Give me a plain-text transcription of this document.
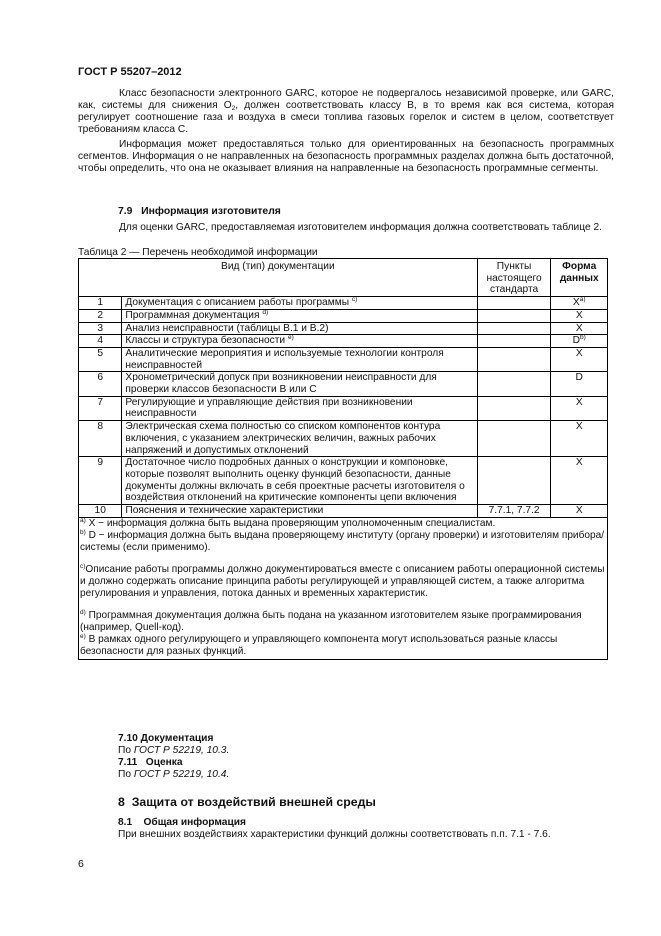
ГОСТ Р 55207–2012
Класс безопасности электронного GARC, которое не подвергалось независимой проверке, или GARC, как, системы для снижения $O_2$, должен соответствовать классу В, в то время как вся система, которая регулирует соотношение газа и воздуха в смеси топлива газовых горелок и систем в целом, соответствует требованиям класса С.
Информация может предоставляться только для ориентированных на безопасность программных сегментов. Информация о не направленных на безопасность программных разделах должна быть достаточной, чтобы определить, что она не оказывает влияния на направленные на безопасность программные сегменты.
7.9 Информация изготовителя
Для оценки GARC, предоставляемая изготовителем информация должна соответствовать таблице 2.
Таблица 2 — Перечень необходимой информации
Вид (тип) документации		Пункты настоящего стандарта	Форма данных
1	Документация с описанием работы программы $^{c)}$		$X^{a)}$
2	Программная документация $^{d)}$		X
3	Анализ неисправности (таблицы В.1 и В.2)		X
4	Классы и структура безопасности $^{e)}$		$D^{b)}$
5	Аналитические мероприятия и используемые технологии контроля неисправностей		X
6	Хронометрический допуск при возникновении неисправности для проверки классов безопасности В или С		D
7	Регулирующие и управляющие действия при возникновении неисправности		X
8	Электрическая схема полностью со списком компонентов контура включения, с указанием электрических величин, важных рабочих напряжений и допустимых отклонений		X
9	Достаточное число подробных данных о конструкции и компоновке, которые позволят выполнить оценку функций безопасности, данные документы должны включать в себя проектные расчеты изготовителя о воздействия отклонений на критические компоненты цепи включения		X
10	Пояснения и технические характеристики	7.7.1, 7.7.2	X

$^{a)}$ X − информация должна быть выдана проверяющим уполномоченным специалистам.

$^{b)}$ D − информация должна быть выдана проверяющему институту (органу проверки) и изготовителям прибора/системы (если применимо).

$^{c)}$Описание работы программы должно документироваться вместе с описанием работы операционной системы и должно содержать описание принципа работы регулирующей и управляющей систем, а также алгоритма регулирования и управления, потока данных и временных характеристик.

$^{d)}$ Программная документация должна быть подана на указанном изготовителем языке программирования (например, Quell-код).

$^{e)}$ В рамках одного регулирующего и управляющего компонента могут использоваться разные классы безопасности для разных функций.			

7.10 Документация
По ГОСТ Р 52219, 10.3.
7.11 Оценка
По ГОСТ Р 52219, 10.4.
8 Защита от воздействий внешней среды
8.1 Общая информация
При внешних воздействиях характеристики функций должны соответствовать п.п. 7.1 - 7.6.
6
